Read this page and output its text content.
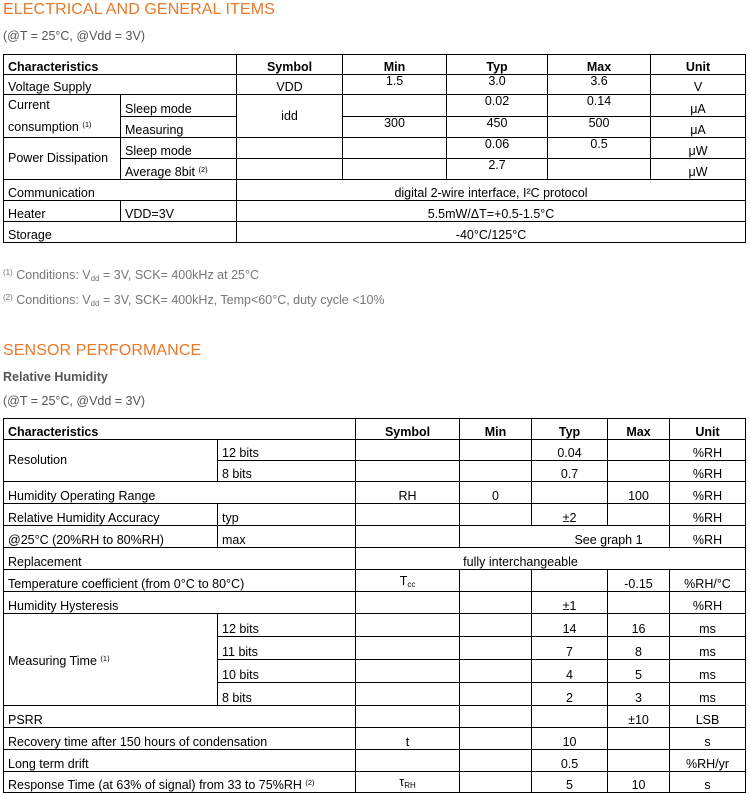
ELECTRICAL AND GENERAL ITEMS
(@T = 25°C, @Vdd = 3V)
Characteristics		Symbol	Min	Typ	Max	Unit
Voltage Supply		VDD	1.5	3.0	3.6	V
Current
consumption $^{(1)}$	Sleep mode	idd		0.02	0.14	μA
	Measuring		300	450	500	μA
Power Dissipation	Sleep mode			0.06	0.5	μW
	Average 8bit $^{(2)}$			2.7		μW
Communication		digital 2-wire interface, I²C protocol				
Heater	VDD=3V	5.5mW/ΔT=+0.5-1.5°C				
Storage		-40°C/125°C				
$^{(1)}$ Conditions: $V_{dd} = 3V$, SCK= 400kHz at 25°C
$^{(2)}$ Conditions: $V_{dd} = 3V$, SCK= 400kHz, Temp<60°C, duty cycle <10%
SENSOR PERFORMANCE
Relative Humidity
(@T = 25°C, @Vdd = 3V)
Characteristics		Symbol	Min	Typ	Max	Unit
Resolution	12 bits			0.04		%RH
	8 bits			0.7		%RH
Humidity Operating Range		RH	0		100	%RH
Relative Humidity Accuracy	typ			±2		%RH
@25°C (20%RH to 80%RH)	max		See graph 1			%RH
Replacement		fully interchangeable				
Temperature coefficient (from 0°C to 80°C)		$T_{cc}$			-0.15	%RH/°C
Humidity Hysteresis				±1		%RH
Measuring Time $^{(1)}$	12 bits			14	16	ms
	11 bits			7	8	ms
	10 bits			4	5	ms
	8 bits			2	3	ms
PSRR					±10	LSB
Recovery time after 150 hours of condensation		t		10		s
Long term drift				0.5		%RH/yr
Response Time (at 63% of signal) from 33 to 75%RH $^{(2)}$		$\tau_{RH}$		5	10	s
